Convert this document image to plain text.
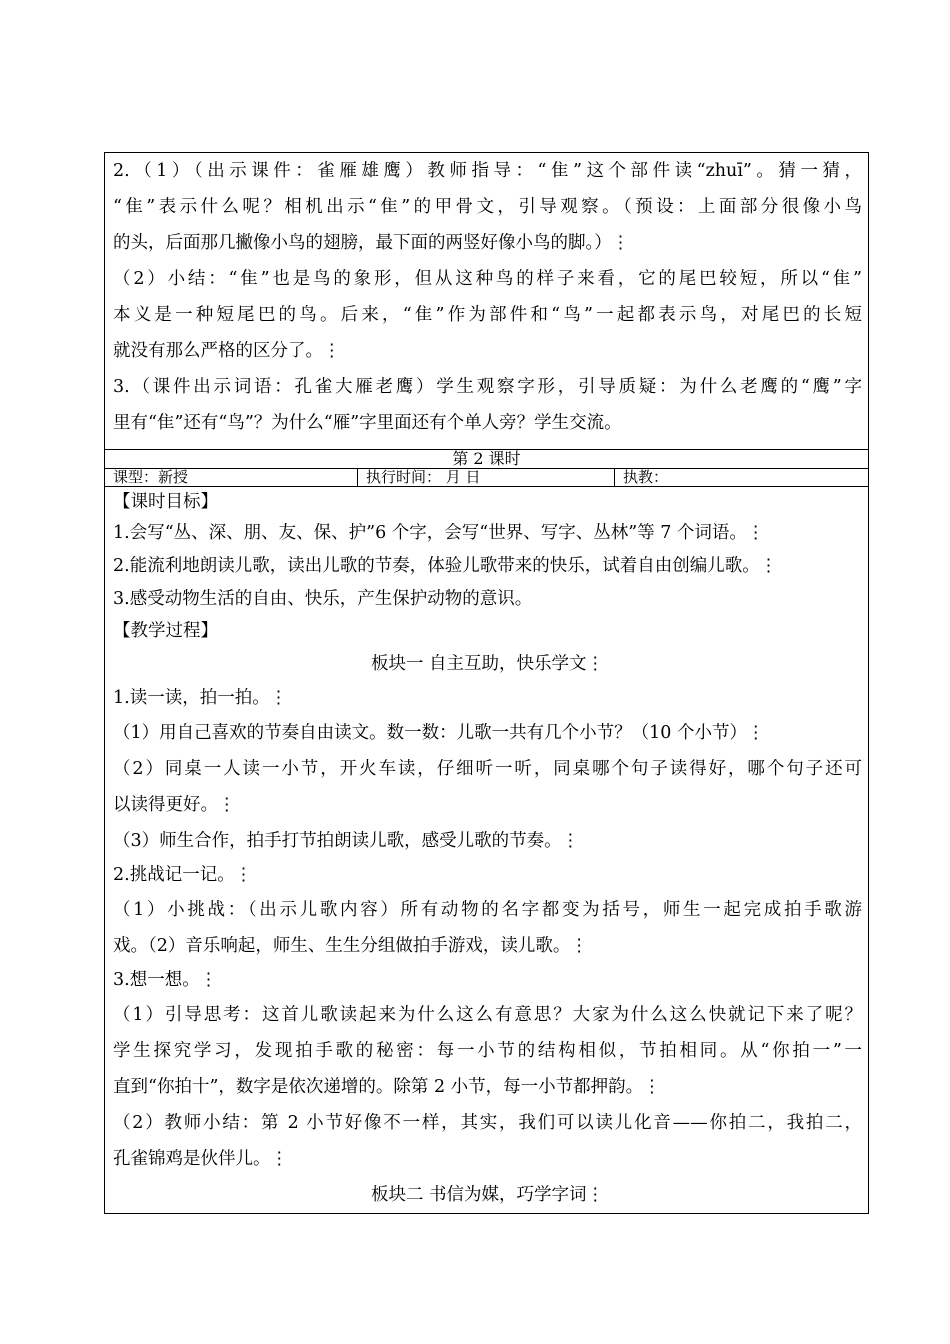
2.（1）（出示课件：雀雁雄鹰）教师指导：“隹”这个部件读“zhuī”。猜一猜，
“隹”表示什么呢？相机出示“隹”的甲骨文，引导观察。（预设：上面部分很像小鸟
的头，后面那几撇像小鸟的翅膀，最下面的两竖好像小鸟的脚。）⋮
（2）小结：“隹”也是鸟的象形，但从这种鸟的样子来看，它的尾巴较短，所以“隹”
本义是一种短尾巴的鸟。后来，“隹”作为部件和“鸟”一起都表示鸟，对尾巴的长短
就没有那么严格的区分了。⋮
3.（课件出示词语：孔雀大雁老鹰）学生观察字形，引导质疑：为什么老鹰的“鹰”字
里有“隹”还有“鸟”？为什么“雁”字里面还有个单人旁？学生交流。
第 2 课时
课型：新授	执行时间： 月 日	执教：
【课时目标】
1.会写“丛、深、朋、友、保、护”6 个字，会写“世界、写字、丛林”等 7 个词语。⋮
2.能流利地朗读儿歌，读出儿歌的节奏，体验儿歌带来的快乐，试着自由创编儿歌。⋮
3.感受动物生活的自由、快乐，产生保护动物的意识。
【教学过程】
板块一 自主互助，快乐学文⋮
1.读一读，拍一拍。⋮
（1）用自己喜欢的节奏自由读文。数一数：儿歌一共有几个小节？（10 个小节）⋮
（2）同桌一人读一小节，开火车读，仔细听一听，同桌哪个句子读得好，哪个句子还可
以读得更好。⋮
（3）师生合作，拍手打节拍朗读儿歌，感受儿歌的节奏。⋮
2.挑战记一记。⋮
（1）小挑战：（出示儿歌内容）所有动物的名字都变为括号，师生一起完成拍手歌游
戏。（2）音乐响起，师生、生生分组做拍手游戏，读儿歌。⋮
3.想一想。⋮
（1）引导思考：这首儿歌读起来为什么这么有意思？大家为什么这么快就记下来了呢？
学生探究学习，发现拍手歌的秘密：每一小节的结构相似，节拍相同。从“你拍一”一
直到“你拍十”，数字是依次递增的。除第 2 小节，每一小节都押韵。⋮
（2）教师小结：第 2 小节好像不一样，其实，我们可以读儿化音——你拍二，我拍二，
孔雀锦鸡是伙伴儿。⋮
板块二 书信为媒，巧学字词⋮
